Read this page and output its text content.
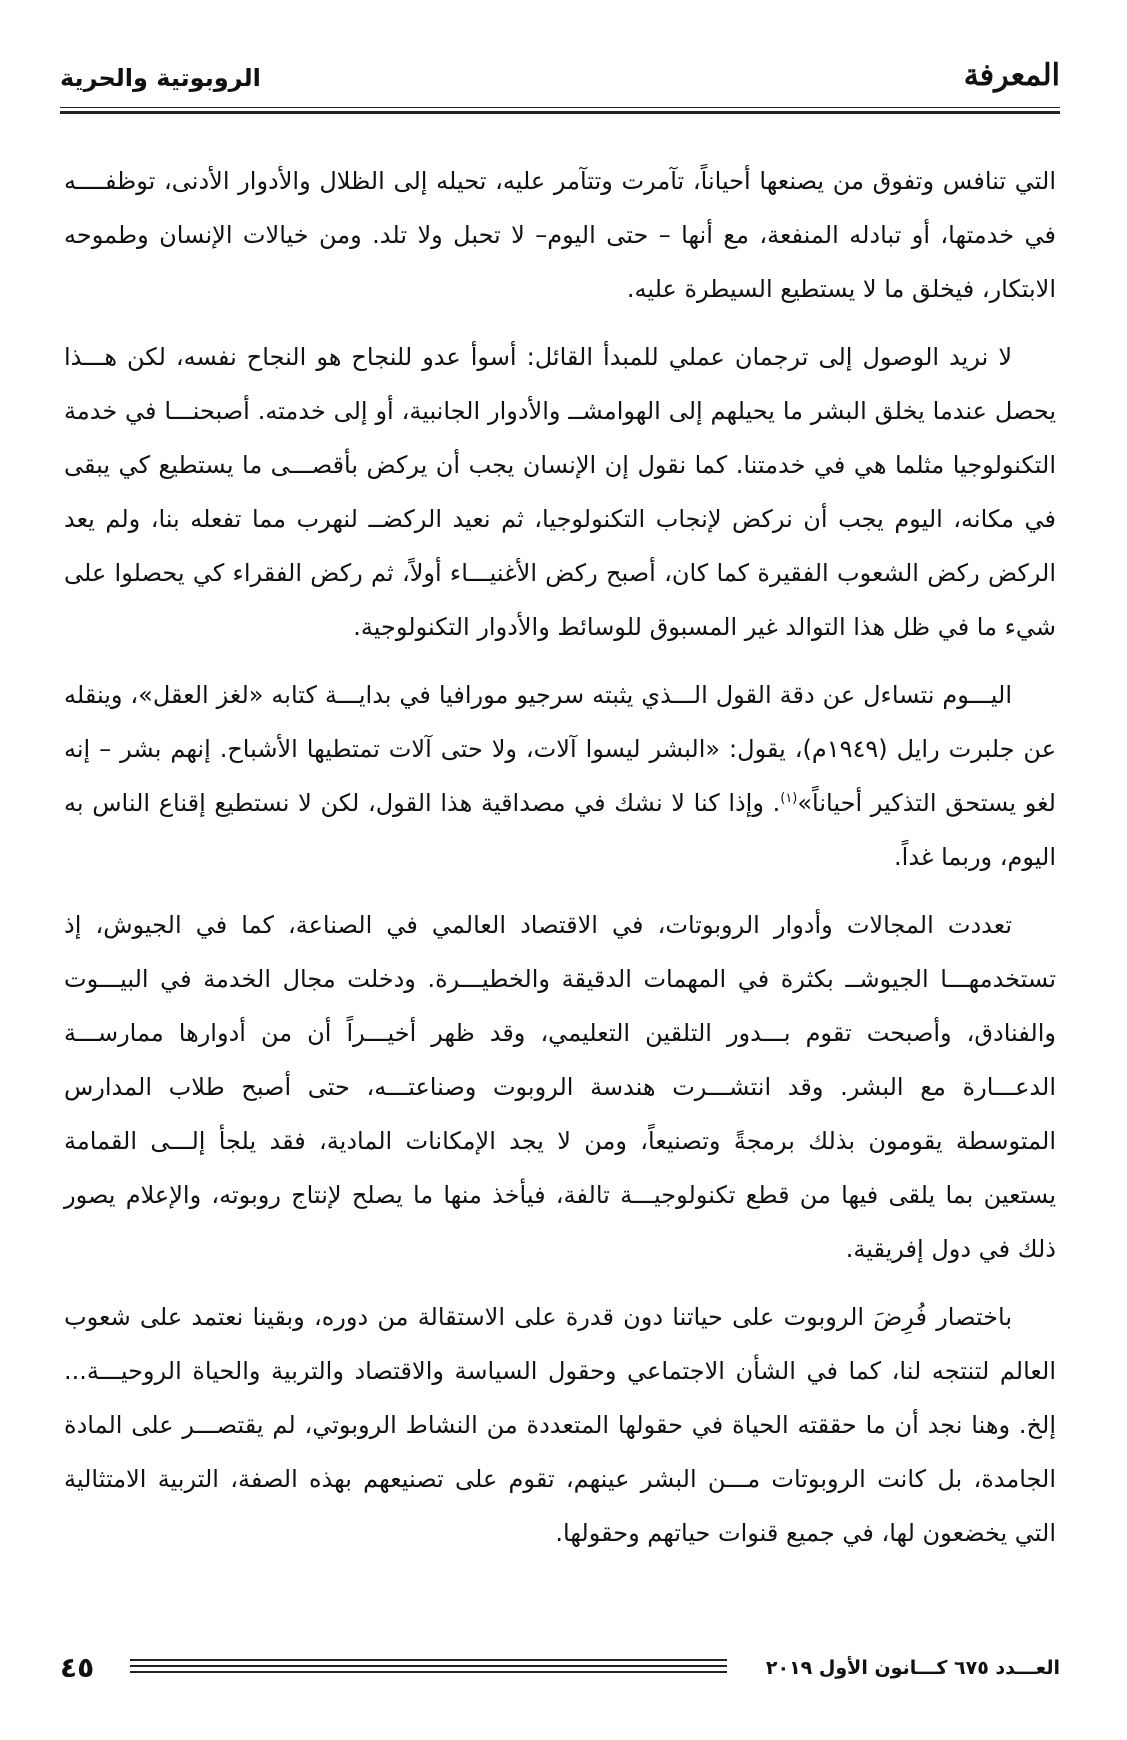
المعرفة
الروبوتية والحرية

التي تنافس وتفوق من يصنعها أحياناً، تآمرت وتتآمر عليه، تحيله إلى الظلال والأدوار الأدنى، توظفــــه في خدمتها، أو تبادله المنفعة، مع أنها – حتى اليوم– لا تحبل ولا تلد. ومن خيالات الإنسان وطموحه الابتكار، فيخلق ما لا يستطيع السيطرة عليه.

لا نريد الوصول إلى ترجمان عملي للمبدأ القائل: أسوأ عدو للنجاح هو النجاح نفسه، لكن هـــذا يحصل عندما يخلق البشر ما يحيلهم إلى الهوامشــ والأدوار الجانبية، أو إلى خدمته. أصبحنـــا في خدمة التكنولوجيا مثلما هي في خدمتنا. كما نقول إن الإنسان يجب أن يركض بأقصـــى ما يستطيع كي يبقى في مكانه، اليوم يجب أن نركض لإنجاب التكنولوجيا، ثم نعيد الركضــ لنهرب مما تفعله بنا، ولم يعد الركض ركض الشعوب الفقيرة كما كان، أصبح ركض الأغنيـــاء أولاً، ثم ركض الفقراء كي يحصلوا على شيء ما في ظل هذا التوالد غير المسبوق للوسائط والأدوار التكنولوجية.

اليـــوم نتساءل عن دقة القول الـــذي يثبته سرجيو مورافيا في بدايـــة كتابه «لغز العقل»، وينقله عن جلبرت رايل (١٩٤٩م)، يقول: «البشر ليسوا آلات، ولا حتى آلات تمتطيها الأشباح. إنهم بشر – إنه لغو يستحق التذكير أحياناً»$^{(١)}$. وإذا كنا لا نشك في مصداقية هذا القول، لكن لا نستطيع إقناع الناس به اليوم، وربما غداً.

تعددت المجالات وأدوار الروبوتات، في الاقتصاد العالمي في الصناعة، كما في الجيوش، إذ تستخدمهـــا الجيوشــ بكثرة في المهمات الدقيقة والخطيـــرة. ودخلت مجال الخدمة في البيـــوت والفنادق، وأصبحت تقوم بـــدور التلقين التعليمي، وقد ظهر أخيـــراً أن من أدوارها ممارســـة الدعـــارة مع البشر. وقد انتشـــرت هندسة الروبوت وصناعتـــه، حتى أصبح طلاب المدارس المتوسطة يقومون بذلك برمجةً وتصنيعاً، ومن لا يجد الإمكانات المادية، فقد يلجأ إلـــى القمامة يستعين بما يلقى فيها من قطع تكنولوجيـــة تالفة، فيأخذ منها ما يصلح لإنتاج روبوته، والإعلام يصور ذلك في دول إفريقية.

باختصار فُرِضَ الروبوت على حياتنا دون قدرة على الاستقالة من دوره، وبقينا نعتمد على شعوب العالم لتنتجه لنا، كما في الشأن الاجتماعي وحقول السياسة والاقتصاد والتربية والحياة الروحيـــة... إلخ. وهنا نجد أن ما حققته الحياة في حقولها المتعددة من النشاط الروبوتي، لم يقتصـــر على المادة الجامدة، بل كانت الروبوتات مـــن البشر عينهم، تقوم على تصنيعهم بهذه الصفة، التربية الامتثالية التي يخضعون لها، في جميع قنوات حياتهم وحقولها.

٤٥	العـــدد ٦٧٥ كـــانون الأول ٢٠١٩
